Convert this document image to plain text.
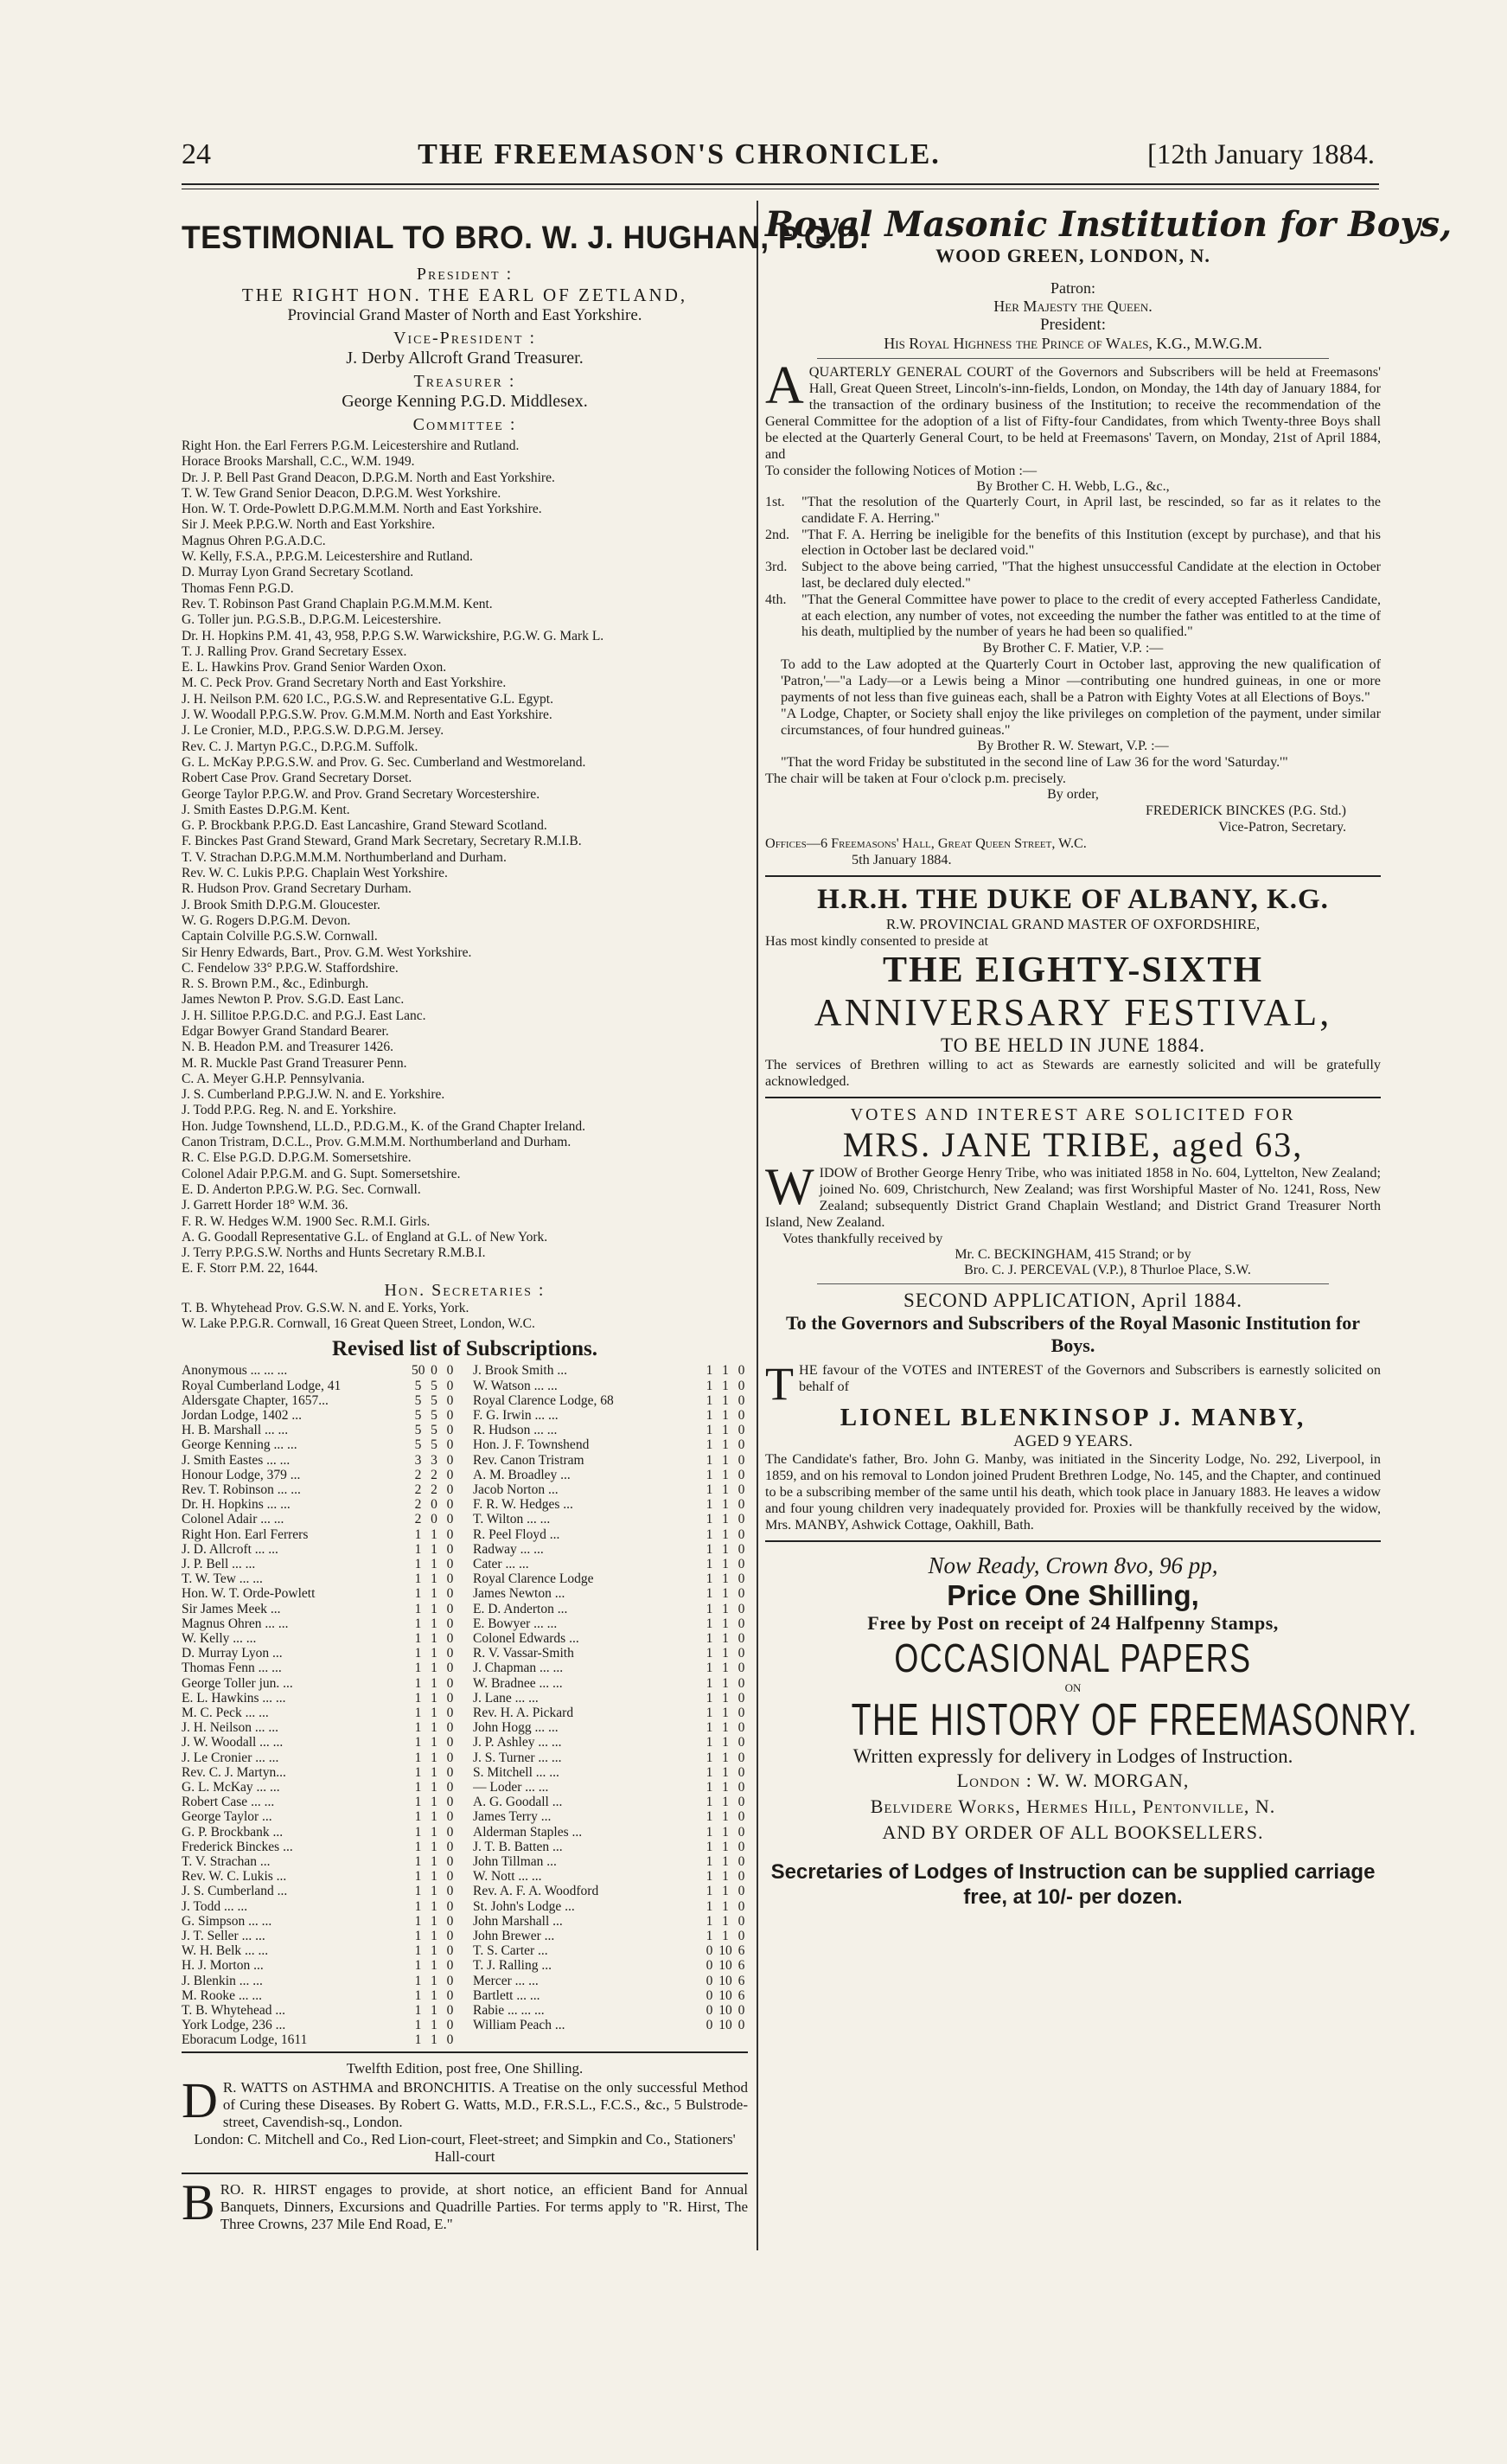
24	THE FREEMASON'S CHRONICLE.	[12th January 1884.
TESTIMONIAL TO BRO. W. J. HUGHAN, P.G.D.
President :
THE RIGHT HON. THE EARL OF ZETLAND,
Provincial Grand Master of North and East Yorkshire.
Vice-President :
J. Derby Allcroft Grand Treasurer.
Treasurer :
George Kenning P.G.D. Middlesex.
Committee :
Right Hon. the Earl Ferrers P.G.M. Leicestershire and Rutland.
Horace Brooks Marshall, C.C., W.M. 1949.
Dr. J. P. Bell Past Grand Deacon, D.P.G.M. North and East Yorkshire.
T. W. Tew Grand Senior Deacon, D.P.G.M. West Yorkshire.
Hon. W. T. Orde-Powlett D.P.G.M.M.M. North and East Yorkshire.
Sir J. Meek P.P.G.W. North and East Yorkshire.
Magnus Ohren P.G.A.D.C.
W. Kelly, F.S.A., P.P.G.M. Leicestershire and Rutland.
D. Murray Lyon Grand Secretary Scotland.
Thomas Fenn P.G.D.
Rev. T. Robinson Past Grand Chaplain P.G.M.M.M. Kent.
G. Toller jun. P.G.S.B., D.P.G.M. Leicestershire.
Dr. H. Hopkins P.M. 41, 43, 958, P.P.G S.W. Warwickshire, P.G.W. G. Mark L.
T. J. Ralling Prov. Grand Secretary Essex.
E. L. Hawkins Prov. Grand Senior Warden Oxon.
M. C. Peck Prov. Grand Secretary North and East Yorkshire.
J. H. Neilson P.M. 620 I.C., P.G.S.W. and Representative G.L. Egypt.
J. W. Woodall P.P.G.S.W. Prov. G.M.M.M. North and East Yorkshire.
J. Le Cronier, M.D., P.P.G.S.W. D.P.G.M. Jersey.
Rev. C. J. Martyn P.G.C., D.P.G.M. Suffolk.
G. L. McKay P.P.G.S.W. and Prov. G. Sec. Cumberland and Westmoreland.
Robert Case Prov. Grand Secretary Dorset.
George Taylor P.P.G.W. and Prov. Grand Secretary Worcestershire.
J. Smith Eastes D.P.G.M. Kent.
G. P. Brockbank P.P.G.D. East Lancashire, Grand Steward Scotland.
F. Binckes Past Grand Steward, Grand Mark Secretary, Secretary R.M.I.B.
T. V. Strachan D.P.G.M.M.M. Northumberland and Durham.
Rev. W. C. Lukis P.P.G. Chaplain West Yorkshire.
R. Hudson Prov. Grand Secretary Durham.
J. Brook Smith D.P.G.M. Gloucester.
W. G. Rogers D.P.G.M. Devon.
Captain Colville P.G.S.W. Cornwall.
Sir Henry Edwards, Bart., Prov. G.M. West Yorkshire.
C. Fendelow 33° P.P.G.W. Staffordshire.
R. S. Brown P.M., &c., Edinburgh.
James Newton P. Prov. S.G.D. East Lanc.
J. H. Sillitoe P.P.G.D.C. and P.G.J. East Lanc.
Edgar Bowyer Grand Standard Bearer.
N. B. Headon P.M. and Treasurer 1426.
M. R. Muckle Past Grand Treasurer Penn.
C. A. Meyer G.H.P. Pennsylvania.
J. S. Cumberland P.P.G.J.W. N. and E. Yorkshire.
J. Todd P.P.G. Reg. N. and E. Yorkshire.
Hon. Judge Townshend, LL.D., P.D.G.M., K. of the Grand Chapter Ireland.
Canon Tristram, D.C.L., Prov. G.M.M.M. Northumberland and Durham.
R. C. Else P.G.D. D.P.G.M. Somersetshire.
Colonel Adair P.P.G.M. and G. Supt. Somersetshire.
E. D. Anderton P.P.G.W. P.G. Sec. Cornwall.
J. Garrett Horder 18° W.M. 36.
F. R. W. Hedges W.M. 1900 Sec. R.M.I. Girls.
A. G. Goodall Representative G.L. of England at G.L. of New York.
J. Terry P.P.G.S.W. Norths and Hunts Secretary R.M.B.I.
E. F. Storr P.M. 22, 1644.
Hon. Secretaries :
T. B. Whytehead Prov. G.S.W. N. and E. Yorks, York.
W. Lake P.P.G.R. Cornwall, 16 Great Queen Street, London, W.C.
Revised list of Subscriptions.
Anonymous ... ... ...	50 0 0
Royal Cumberland Lodge, 41	5 5 0
Aldersgate Chapter, 1657...	5 5 0
Jordan Lodge, 1402 ...	5 5 0
H. B. Marshall ... ...	5 5 0
George Kenning ... ...	5 5 0
J. Smith Eastes ... ...	3 3 0
Honour Lodge, 379 ...	2 2 0
Rev. T. Robinson ... ...	2 2 0
Dr. H. Hopkins ... ...	2 0 0
Colonel Adair ... ...	2 0 0
Right Hon. Earl Ferrers	1 1 0
J. D. Allcroft ... ...	1 1 0
J. P. Bell ... ...	1 1 0
T. W. Tew ... ...	1 1 0
Hon. W. T. Orde-Powlett	1 1 0
Sir James Meek ...	1 1 0
Magnus Ohren ... ...	1 1 0
W. Kelly ... ...	1 1 0
D. Murray Lyon ...	1 1 0
Thomas Fenn ... ...	1 1 0
George Toller jun. ...	1 1 0
E. L. Hawkins ... ...	1 1 0
M. C. Peck ... ...	1 1 0
J. H. Neilson ... ...	1 1 0
J. W. Woodall ... ...	1 1 0
J. Le Cronier ... ...	1 1 0
Rev. C. J. Martyn...	1 1 0
G. L. McKay ... ...	1 1 0
Robert Case ... ...	1 1 0
George Taylor ...	1 1 0
G. P. Brockbank ...	1 1 0
Frederick Binckes ...	1 1 0
T. V. Strachan ...	1 1 0
Rev. W. C. Lukis ...	1 1 0
J. S. Cumberland ...	1 1 0
J. Todd ... ...	1 1 0
G. Simpson ... ...	1 1 0
J. T. Seller ... ...	1 1 0
W. H. Belk ... ...	1 1 0
H. J. Morton ...	1 1 0
J. Blenkin ... ...	1 1 0
M. Rooke ... ...	1 1 0
T. B. Whytehead ...	1 1 0
York Lodge, 236 ...	1 1 0
Eboracum Lodge, 1611	1 1 0
J. Brook Smith ...	1 1 0
W. Watson ... ...	1 1 0
Royal Clarence Lodge, 68	1 1 0
F. G. Irwin ... ...	1 1 0
R. Hudson ... ...	1 1 0
Hon. J. F. Townshend	1 1 0
Rev. Canon Tristram	1 1 0
A. M. Broadley ...	1 1 0
Jacob Norton ...	1 1 0
F. R. W. Hedges ...	1 1 0
T. Wilton ... ...	1 1 0
R. Peel Floyd ...	1 1 0
Radway ... ...	1 1 0
Cater ... ...	1 1 0
Royal Clarence Lodge	1 1 0
James Newton ...	1 1 0
E. D. Anderton ...	1 1 0
E. Bowyer ... ...	1 1 0
Colonel Edwards ...	1 1 0
R. V. Vassar-Smith	1 1 0
J. Chapman ... ...	1 1 0
W. Bradnee ... ...	1 1 0
J. Lane ... ...	1 1 0
Rev. H. A. Pickard	1 1 0
John Hogg ... ...	1 1 0
J. P. Ashley ... ...	1 1 0
J. S. Turner ... ...	1 1 0
S. Mitchell ... ...	1 1 0
— Loder ... ...	1 1 0
A. G. Goodall ...	1 1 0
James Terry ...	1 1 0
Alderman Staples ...	1 1 0
J. T. B. Batten ...	1 1 0
John Tillman ...	1 1 0
W. Nott ... ...	1 1 0
Rev. A. F. A. Woodford	1 1 0
St. John's Lodge ...	1 1 0
John Marshall ...	1 1 0
John Brewer ...	1 1 0
T. S. Carter ...	0 10 6
T. J. Ralling ...	0 10 6
Mercer ... ...	0 10 6
Bartlett ... ...	0 10 6
Rabie ... ... ...	0 10 0
William Peach ...	0 10 0
Twelfth Edition, post free, One Shilling.
D R. WATTS on ASTHMA and BRONCHITIS. A Treatise on the only successful Method of Curing these Diseases. By Robert G. Watts, M.D., F.R.S.L., F.C.S., &c., 5 Bulstrode-street, Cavendish-sq., London.
London: C. Mitchell and Co., Red Lion-court, Fleet-street; and Simpkin and Co., Stationers' Hall-court
B RO. R. HIRST engages to provide, at short notice, an efficient Band for Annual Banquets, Dinners, Excursions and Quadrille Parties. For terms apply to "R. Hirst, The Three Crowns, 237 Mile End Road, E."
Royal Masonic Institution for Boys,
WOOD GREEN, LONDON, N.
Patron:
Her Majesty the Queen.
President:
His Royal Highness the Prince of Wales, K.G., M.W.G.M.
A QUARTERLY GENERAL COURT of the Governors and Subscribers will be held at Freemasons' Hall, Great Queen Street, Lincoln's-inn-fields, London, on Monday, the 14th day of January 1884, for the transaction of the ordinary business of the Institution; to receive the recommendation of the General Committee for the adoption of a list of Fifty-four Candidates, from which Twenty-three Boys shall be elected at the Quarterly General Court, to be held at Freemasons' Tavern, on Monday, 21st of April 1884, and
To consider the following Notices of Motion :—
By Brother C. H. Webb, L.G., &c.,
1st.	"That the resolution of the Quarterly Court, in April last, be rescinded, so far as it relates to the candidate F. A. Herring."
2nd. "That F. A. Herring be ineligible for the benefits of this Institution (except by purchase), and that his election in October last be declared void."
3rd.	Subject to the above being carried, "That the highest unsuccessful Candidate at the election in October last, be declared duly elected."
4th.	"That the General Committee have power to place to the credit of every accepted Fatherless Candidate, at each election, any number of votes, not exceeding the number the father was entitled to at the time of his death, multiplied by the number of years he had been so qualified."
By Brother C. F. Matier, V.P. :—
To add to the Law adopted at the Quarterly Court in October last, approving the new qualification of 'Patron,'—"a Lady—or a Lewis being a Minor —contributing one hundred guineas, in one or more payments of not less than five guineas each, shall be a Patron with Eighty Votes at all Elections of Boys."
"A Lodge, Chapter, or Society shall enjoy the like privileges on completion of the payment, under similar circumstances, of four hundred guineas."
By Brother R. W. Stewart, V.P. :—
"That the word Friday be substituted in the second line of Law 36 for the word 'Saturday.'"
The chair will be taken at Four o'clock p.m. precisely.
By order,
FREDERICK BINCKES (P.G. Std.)
Vice-Patron, Secretary.
Offices—6 Freemasons' Hall, Great Queen Street, W.C.
5th January 1884.
H.R.H. THE DUKE OF ALBANY, K.G.
R.W. PROVINCIAL GRAND MASTER OF OXFORDSHIRE,
Has most kindly consented to preside at
THE EIGHTY-SIXTH
ANNIVERSARY FESTIVAL,
TO BE HELD IN JUNE 1884.
The services of Brethren willing to act as Stewards are earnestly solicited and will be gratefully acknowledged.
VOTES AND INTEREST ARE SOLICITED FOR
MRS. JANE TRIBE, aged 63,
W IDOW of Brother George Henry Tribe, who was initiated 1858 in No. 604, Lyttelton, New Zealand; joined No. 609, Christchurch, New Zealand; was first Worshipful Master of No. 1241, Ross, New Zealand; subsequently District Grand Chaplain Westland; and District Grand Treasurer North Island, New Zealand.
Votes thankfully received by
Mr. C. BECKINGHAM, 415 Strand; or by
Bro. C. J. PERCEVAL (V.P.), 8 Thurloe Place, S.W.
SECOND APPLICATION, April 1884.
To the Governors and Subscribers of the Royal Masonic Institution for Boys.
T HE favour of the VOTES and INTEREST of the Governors and Subscribers is earnestly solicited on behalf of
LIONEL BLENKINSOP J. MANBY,
AGED 9 YEARS.
The Candidate's father, Bro. John G. Manby, was initiated in the Sincerity Lodge, No. 292, Liverpool, in 1859, and on his removal to London joined Prudent Brethren Lodge, No. 145, and the Chapter, and continued to be a subscribing member of the same until his death, which took place in January 1883. He leaves a widow and four young children very inadequately provided for. Proxies will be thankfully received by the widow, Mrs. MANBY, Ashwick Cottage, Oakhill, Bath.
Now Ready, Crown 8vo, 96 pp,
Price One Shilling,
Free by Post on receipt of 24 Halfpenny Stamps,
OCCASIONAL PAPERS
ON
THE HISTORY OF FREEMASONRY.
Written expressly for delivery in Lodges of Instruction.
London : W. W. MORGAN,
Belvidere Works, Hermes Hill, Pentonville, N.
AND BY ORDER OF ALL BOOKSELLERS.
Secretaries of Lodges of Instruction can be supplied carriage free, at 10/- per dozen.
